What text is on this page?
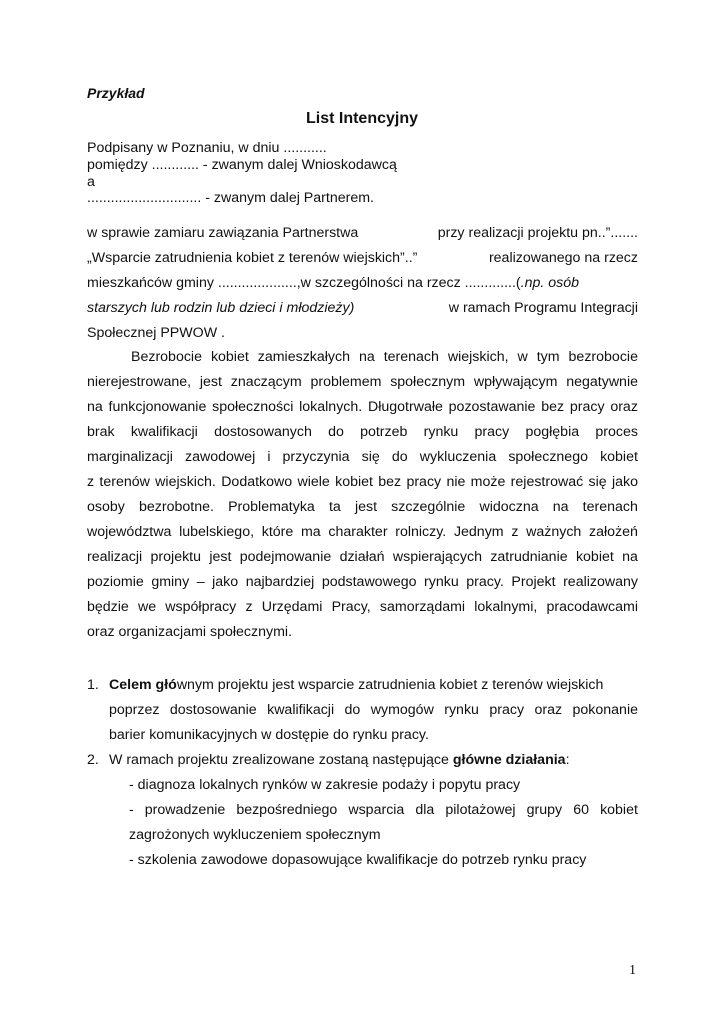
Przykład
List Intencyjny
Podpisany w Poznaniu, w dniu ...........
pomiędzy ............ - zwanym dalej Wnioskodawcą
a
............................. - zwanym dalej Partnerem.
w sprawie zamiaru zawiązania Partnerstwa	przy realizacji projektu pn..”.......
„Wsparcie zatrudnienia kobiet z terenów wiejskich”..”	realizowanego na rzecz
mieszkańców gminy ....................,w szczególności na rzecz .............(.np. osób
starszych lub rodzin lub dzieci i młodzieży)	w ramach Programu Integracji
Społecznej PPWOW .
Bezrobocie kobiet zamieszkałych na terenach wiejskich, w tym bezrobocie
nierejestrowane, jest znaczącym problemem społecznym wpływającym negatywnie
na funkcjonowanie społeczności lokalnych. Długotrwałe pozostawanie bez pracy oraz
brak kwalifikacji dostosowanych do potrzeb rynku pracy pogłębia proces
marginalizacji zawodowej i przyczynia się do wykluczenia społecznego kobiet
z terenów wiejskich. Dodatkowo wiele kobiet bez pracy nie może rejestrować się jako
osoby bezrobotne. Problematyka ta jest szczególnie widoczna na terenach
województwa lubelskiego, które ma charakter rolniczy. Jednym z ważnych założeń
realizacji projektu jest podejmowanie działań wspierających zatrudnianie kobiet na
poziomie gminy – jako najbardziej podstawowego rynku pracy. Projekt realizowany
będzie we współpracy z Urzędami Pracy, samorządami lokalnymi, pracodawcami
oraz organizacjami społecznymi.
1. Celem głównym projektu jest wsparcie zatrudnienia kobiet z terenów wiejskich
poprzez dostosowanie kwalifikacji do wymogów rynku pracy oraz pokonanie
barier komunikacyjnych w dostępie do rynku pracy.
2. W ramach projektu zrealizowane zostaną następujące główne działania:
- diagnoza lokalnych rynków w zakresie podaży i popytu pracy
- prowadzenie bezpośredniego wsparcia dla pilotażowej grupy 60 kobiet
zagrożonych wykluczeniem społecznym
- szkolenia zawodowe dopasowujące kwalifikacje do potrzeb rynku pracy
1
